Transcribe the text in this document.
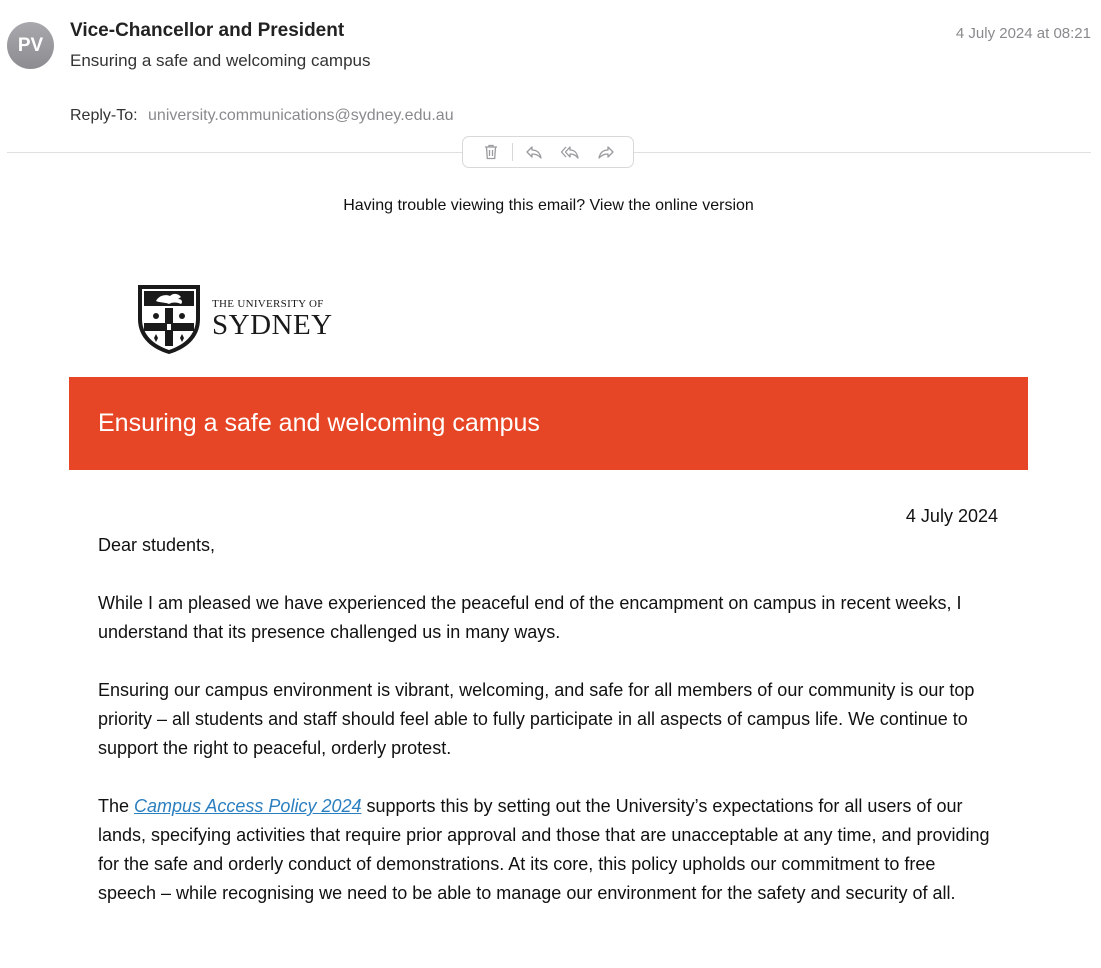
PV
Vice-Chancellor and President
Ensuring a safe and welcoming campus
4 July 2024 at 08:21
Reply-To: university.communications@sydney.edu.au
Having trouble viewing this email? View the online version
THE UNIVERSITY OF
SYDNEY
Ensuring a safe and welcoming campus
4 July 2024

Dear students,

While I am pleased we have experienced the peaceful end of the encampment on campus in recent weeks, I understand that its presence challenged us in many ways.

Ensuring our campus environment is vibrant, welcoming, and safe for all members of our community is our top priority – all students and staff should feel able to fully participate in all aspects of campus life. We continue to support the right to peaceful, orderly protest.

The Campus Access Policy 2024 supports this by setting out the University’s expectations for all users of our lands, specifying activities that require prior approval and those that are unacceptable at any time, and providing for the safe and orderly conduct of demonstrations. At its core, this policy upholds our commitment to free speech – while recognising we need to be able to manage our environment for the safety and security of all.
